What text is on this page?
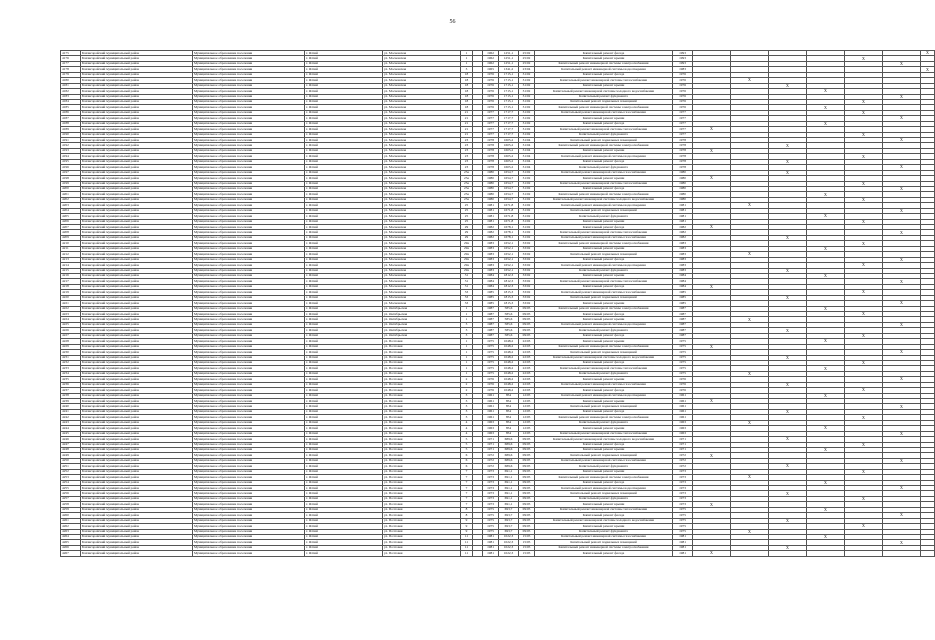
56
4175	Бахчисарайский муниципальный район	Муниципальное образование поселения	г. Ялтий	ул. Московская	1		1962	1251,1	25/02	Капитальный ремонт фасада	1993							X
4176	Бахчисарайский муниципальный район	Муниципальное образование поселения	г. Ялтий	ул. Московская	1		1962	1251,1	25/02	Капитальный ремонт крыши	1993					X		
4177	Бахчисарайский муниципальный район	Муниципальное образование поселения	г. Ялтий	ул. Московская	1		1962	1251,1	25/02	Капитальный ремонт инженерной системы электроснабжения	1993						X	
4178	Бахчисарайский муниципальный район	Муниципальное образование поселения	г. Ялтий	ул. Московская	3		1965	1341,2	23/04	Капитальный ремонт инженерной системы водоотведения	1983							X
4179	Бахчисарайский муниципальный район	Муниципальное образование поселения	г. Ялтий	ул. Московская	18		1976	1715,1	31/02	Капитальный ремонт фасада	1976							
4180	Бахчисарайский муниципальный район	Муниципальное образование поселения	г. Ялтий	ул. Московская	18		1976	1715,1	31/02	Капитальный ремонт инженерной системы теплоснабжения	1976		X					
4181	Бахчисарайский муниципальный район	Муниципальное образование поселения	г. Ялтий	ул. Московская	18		1976	1715,1	31/02	Капитальный ремонт крыши	1976			X				
4182	Бахчисарайский муниципальный район	Муниципальное образование поселения	г. Ялтий	ул. Московская	18		1976	1715,1	31/02	Капитальный ремонт инженерной системы холодного водоснабжения	1976				X			
4183	Бахчисарайский муниципальный район	Муниципальное образование поселения	г. Ялтий	ул. Московская	18		1976	1715,1	31/02	Капитальный ремонт фундамента	1976						X	
4184	Бахчисарайский муниципальный район	Муниципальное образование поселения	г. Ялтий	ул. Московская	18		1976	1715,1	31/02	Капитальный ремонт подвальных помещений	1976					X		
4185	Бахчисарайский муниципальный район	Муниципальное образование поселения	г. Ялтий	ул. Московская	18		1976	1715,1	31/02	Капитальный ремонт инженерной системы электроснабжения	1976				X			
4186	Бахчисарайский муниципальный район	Муниципальное образование поселения	г. Ялтий	ул. Московская	21		1977	1717,7	31/02	Капитальный ремонт инженерной системы газоснабжения	1977					X		
4187	Бахчисарайский муниципальный район	Муниципальное образование поселения	г. Ялтий	ул. Московская	21		1977	1717,7	31/02	Капитальный ремонт крыши	1977						X	
4188	Бахчисарайский муниципальный район	Муниципальное образование поселения	г. Ялтий	ул. Московская	21		1977	1717,7	31/02	Капитальный ремонт фасада	1977				X			
4189	Бахчисарайский муниципальный район	Муниципальное образование поселения	г. Ялтий	ул. Московская	21		1977	1717,7	31/02	Капитальный ремонт инженерной системы теплоснабжения	1977	X						
4190	Бахчисарайский муниципальный район	Муниципальное образование поселения	г. Ялтий	ул. Московская	21		1977	1717,7	31/02	Капитальный ремонт фундамента	1977					X		
4191	Бахчисарайский муниципальный район	Муниципальное образование поселения	г. Ялтий	ул. Московская	23		1978	1605,2	31/04	Капитальный ремонт подвальных помещений	1978						X	
4192	Бахчисарайский муниципальный район	Муниципальное образование поселения	г. Ялтий	ул. Московская	23		1978	1605,2	31/04	Капитальный ремонт инженерной системы электроснабжения	1978			X				
4193	Бахчисарайский муниципальный район	Муниципальное образование поселения	г. Ялтий	ул. Московская	23		1978	1605,2	31/04	Капитальный ремонт крыши	1978	X						
4194	Бахчисарайский муниципальный район	Муниципальное образование поселения	г. Ялтий	ул. Московская	23		1978	1605,2	31/04	Капитальный ремонт инженерной системы водоотведения	1978					X		
4195	Бахчисарайский муниципальный район	Муниципальное образование поселения	г. Ялтий	ул. Московская	23		1978	1605,2	31/04	Капитальный ремонт фасада	1978			X				
4196	Бахчисарайский муниципальный район	Муниципальное образование поселения	г. Ялтий	ул. Московская	23		1978	1605,2	31/04	Капитальный ремонт фундамента	1978						X	
4197	Бахчисарайский муниципальный район	Муниципальное образование поселения	г. Ялтий	ул. Московская	23а		1980	1654,7	31/02	Капитальный ремонт инженерной системы газоснабжения	1980			X				
4198	Бахчисарайский муниципальный район	Муниципальное образование поселения	г. Ялтий	ул. Московская	23а		1980	1654,7	31/02	Капитальный ремонт крыши	1980	X						
4199	Бахчисарайский муниципальный район	Муниципальное образование поселения	г. Ялтий	ул. Московская	23а		1980	1654,7	31/02	Капитальный ремонт инженерной системы теплоснабжения	1980					X		
4200	Бахчисарайский муниципальный район	Муниципальное образование поселения	г. Ялтий	ул. Московская	23а		1980	1654,7	31/02	Капитальный ремонт фасада	1980						X	
4201	Бахчисарайский муниципальный район	Муниципальное образование поселения	г. Ялтий	ул. Московская	23а		1980	1654,7	31/02	Капитальный ремонт инженерной системы электроснабжения	1980				X			
4202	Бахчисарайский муниципальный район	Муниципальное образование поселения	г. Ялтий	ул. Московская	23а		1980	1654,7	31/02	Капитальный ремонт инженерной системы холодного водоснабжения	1980					X		
4203	Бахчисарайский муниципальный район	Муниципальное образование поселения	г. Ялтий	ул. Московская	25		1981	1671,8	31/02	Капитальный ремонт инженерной системы водоотведения	1981		X					
4204	Бахчисарайский муниципальный район	Муниципальное образование поселения	г. Ялтий	ул. Московская	25		1981	1671,8	31/02	Капитальный ремонт подвальных помещений	1981						X	
4205	Бахчисарайский муниципальный район	Муниципальное образование поселения	г. Ялтий	ул. Московская	25		1981	1671,8	31/02	Капитальный ремонт фундамента	1981				X			
4206	Бахчисарайский муниципальный район	Муниципальное образование поселения	г. Ялтий	ул. Московская	25		1981	1671,8	31/02	Капитальный ремонт крыши	1981					X		
4207	Бахчисарайский муниципальный район	Муниципальное образование поселения	г. Ялтий	ул. Московская	29		1982	1678,1	31/02	Капитальный ремонт фасада	1982	X						
4208	Бахчисарайский муниципальный район	Муниципальное образование поселения	г. Ялтий	ул. Московская	29		1982	1678,1	31/02	Капитальный ремонт инженерной системы теплоснабжения	1982						X	
4209	Бахчисарайский муниципальный район	Муниципальное образование поселения	г. Ялтий	ул. Московская	29		1982	1678,1	31/02	Капитальный ремонт инженерной системы газоснабжения	1982			X				
4210	Бахчисарайский муниципальный район	Муниципальное образование поселения	г. Ялтий	ул. Московская	29а		1983	1652,1	33/02	Капитальный ремонт инженерной системы электроснабжения	1983					X		
4211	Бахчисарайский муниципальный район	Муниципальное образование поселения	г. Ялтий	ул. Московская	29а		1983	1652,1	33/02	Капитальный ремонт крыши	1983				X			
4212	Бахчисарайский муниципальный район	Муниципальное образование поселения	г. Ялтий	ул. Московская	29а		1983	1652,1	33/02	Капитальный ремонт подвальных помещений	1983		X					
4213	Бахчисарайский муниципальный район	Муниципальное образование поселения	г. Ялтий	ул. Московская	29а		1983	1652,1	33/02	Капитальный ремонт фасада	1983						X	
4214	Бахчисарайский муниципальный район	Муниципальное образование поселения	г. Ялтий	ул. Московская	29а		1983	1652,1	33/02	Капитальный ремонт инженерной системы водоотведения	1983					X		
4215	Бахчисарайский муниципальный район	Муниципальное образование поселения	г. Ялтий	ул. Московская	29а		1983	1652,1	33/02	Капитальный ремонт фундамента	1983			X				
4216	Бахчисарайский муниципальный район	Муниципальное образование поселения	г. Ялтий	ул. Московская	31		1984	1812,3	33/02	Капитальный ремонт крыши	1984				X			
4217	Бахчисарайский муниципальный район	Муниципальное образование поселения	г. Ялтий	ул. Московская	31		1984	1812,3	33/02	Капитальный ремонт инженерной системы теплоснабжения	1984						X	
4218	Бахчисарайский муниципальный район	Муниципальное образование поселения	г. Ялтий	ул. Московская	31		1984	1812,3	33/02	Капитальный ремонт фасада	1984	X						
4219	Бахчисарайский муниципальный район	Муниципальное образование поселения	г. Ялтий	ул. Московская	33		1985	1815,3	33/02	Капитальный ремонт инженерной системы газоснабжения	1985					X		
4220	Бахчисарайский муниципальный район	Муниципальное образование поселения	г. Ялтий	ул. Московская	33		1985	1815,3	33/02	Капитальный ремонт подвальных помещений	1985			X				
4221	Бахчисарайский муниципальный район	Муниципальное образование поселения	г. Ялтий	ул. Московская	33		1985	1815,3	33/02	Капитальный ремонт крыши	1985						X	
4222	Бахчисарайский муниципальный район	Муниципальное образование поселения	г. Ялтий	ул. Октябрьская	1		1987	585,6	09/05	Капитальный ремонт инженерной системы электроснабжения	1987				X			
4223	Бахчисарайский муниципальный район	Муниципальное образование поселения	г. Ялтий	ул. Октябрьская	1		1987	585,6	09/05	Капитальный ремонт фасада	1987					X		
4224	Бахчисарайский муниципальный район	Муниципальное образование поселения	г. Ялтий	ул. Октябрьская	1		1987	585,6	09/05	Капитальный ремонт крыши	1987		X					
4225	Бахчисарайский муниципальный район	Муниципальное образование поселения	г. Ялтий	ул. Октябрьская	3		1987	585,6	09/05	Капитальный ремонт инженерной системы водоотведения	1987						X	
4226	Бахчисарайский муниципальный район	Муниципальное образование поселения	г. Ялтий	ул. Октябрьская	3		1987	585,6	09/05	Капитальный ремонт фундамента	1987			X				
4227	Бахчисарайский муниципальный район	Муниципальное образование поселения	г. Ялтий	ул. Октябрьская	3		1987	585,6	09/05	Капитальный ремонт фасада	1987					X		
4228	Бахчисарайский муниципальный район	Муниципальное образование поселения	г. Ялтий	ул. Почтовая	1		1975	1048,2	22/03	Капитальный ремонт крыши	1975				X			
4229	Бахчисарайский муниципальный район	Муниципальное образование поселения	г. Ялтий	ул. Почтовая	1		1975	1048,2	22/03	Капитальный ремонт инженерной системы электроснабжения	1975	X						
4230	Бахчисарайский муниципальный район	Муниципальное образование поселения	г. Ялтий	ул. Почтовая	1		1975	1048,2	22/03	Капитальный ремонт подвальных помещений	1975						X	
4231	Бахчисарайский муниципальный район	Муниципальное образование поселения	г. Ялтий	ул. Почтовая	1		1975	1048,2	22/03	Капитальный ремонт инженерной системы холодного водоснабжения	1975			X				
4232	Бахчисарайский муниципальный район	Муниципальное образование поселения	г. Ялтий	ул. Почтовая	1		1975	1048,2	22/03	Капитальный ремонт фасада	1975					X		
4233	Бахчисарайский муниципальный район	Муниципальное образование поселения	г. Ялтий	ул. Почтовая	1		1975	1048,2	22/03	Капитальный ремонт инженерной системы теплоснабжения	1975				X			
4234	Бахчисарайский муниципальный район	Муниципальное образование поселения	г. Ялтий	ул. Почтовая	1		1975	1048,2	22/03	Капитальный ремонт фундамента	1975		X					
4235	Бахчисарайский муниципальный район	Муниципальное образование поселения	г. Ялтий	ул. Почтовая	2		1976	1048,2	22/03	Капитальный ремонт крыши	1976						X	
4236	Бахчисарайский муниципальный район	Муниципальное образование поселения	г. Ялтий	ул. Почтовая	2		1976	1048,2	22/03	Капитальный ремонт инженерной системы газоснабжения	1976			X				
4237	Бахчисарайский муниципальный район	Муниципальное образование поселения	г. Ялтий	ул. Почтовая	2		1976	1048,2	22/03	Капитальный ремонт фасада	1976					X		
4238	Бахчисарайский муниципальный район	Муниципальное образование поселения	г. Ялтий	ул. Почтовая	3		1961	854	12/05	Капитальный ремонт инженерной системы водоотведения	1961				X			
4239	Бахчисарайский муниципальный район	Муниципальное образование поселения	г. Ялтий	ул. Почтовая	3		1961	854	12/05	Капитальный ремонт крыши	1961	X						
4240	Бахчисарайский муниципальный район	Муниципальное образование поселения	г. Ялтий	ул. Почтовая	3		1961	854	12/05	Капитальный ремонт подвальных помещений	1961						X	
4241	Бахчисарайский муниципальный район	Муниципальное образование поселения	г. Ялтий	ул. Почтовая	3		1961	854	12/05	Капитальный ремонт фасада	1961			X				
4242	Бахчисарайский муниципальный район	Муниципальное образование поселения	г. Ялтий	ул. Почтовая	3		1961	854	12/05	Капитальный ремонт инженерной системы электроснабжения	1961					X		
4243	Бахчисарайский муниципальный район	Муниципальное образование поселения	г. Ялтий	ул. Почтовая	4		1963	854	12/05	Капитальный ремонт фундамента	1963		X					
4244	Бахчисарайский муниципальный район	Муниципальное образование поселения	г. Ялтий	ул. Почтовая	4		1963	854	12/05	Капитальный ремонт крыши	1963				X			
4245	Бахчисарайский муниципальный район	Муниципальное образование поселения	г. Ялтий	ул. Почтовая	4		1963	854	12/05	Капитальный ремонт инженерной системы теплоснабжения	1963						X	
4246	Бахчисарайский муниципальный район	Муниципальное образование поселения	г. Ялтий	ул. Почтовая	5		1971	689,6	09/05	Капитальный ремонт инженерной системы холодного водоснабжения	1971			X				
4247	Бахчисарайский муниципальный район	Муниципальное образование поселения	г. Ялтий	ул. Почтовая	5		1971	689,6	09/05	Капитальный ремонт фасада	1971					X		
4248	Бахчисарайский муниципальный район	Муниципальное образование поселения	г. Ялтий	ул. Почтовая	5		1971	689,6	09/05	Капитальный ремонт крыши	1971				X			
4249	Бахчисарайский муниципальный район	Муниципальное образование поселения	г. Ялтий	ул. Почтовая	6		1972	689,6	09/05	Капитальный ремонт подвальных помещений	1972	X						
4250	Бахчисарайский муниципальный район	Муниципальное образование поселения	г. Ялтий	ул. Почтовая	6		1972	689,6	09/05	Капитальный ремонт инженерной системы газоснабжения	1972						X	
4251	Бахчисарайский муниципальный район	Муниципальное образование поселения	г. Ялтий	ул. Почтовая	6		1972	689,6	09/05	Капитальный ремонт фундамента	1972			X				
4252	Бахчисарайский муниципальный район	Муниципальное образование поселения	г. Ялтий	ул. Почтовая	7		1973	691,1	09/05	Капитальный ремонт крыши	1973					X		
4253	Бахчисарайский муниципальный район	Муниципальное образование поселения	г. Ялтий	ул. Почтовая	7		1973	691,1	09/05	Капитальный ремонт инженерной системы электроснабжения	1973		X					
4254	Бахчисарайский муниципальный район	Муниципальное образование поселения	г. Ялтий	ул. Почтовая	7		1973	691,1	09/05	Капитальный ремонт фасада	1973				X			
4255	Бахчисарайский муниципальный район	Муниципальное образование поселения	г. Ялтий	ул. Почтовая	7		1973	691,1	09/05	Капитальный ремонт инженерной системы водоотведения	1973						X	
4256	Бахчисарайский муниципальный район	Муниципальное образование поселения	г. Ялтий	ул. Почтовая	7		1973	691,1	09/05	Капитальный ремонт подвальных помещений	1973			X				
4257	Бахчисарайский муниципальный район	Муниципальное образование поселения	г. Ялтий	ул. Почтовая	7		1973	691,1	09/05	Капитальный ремонт фундамента	1973					X		
4258	Бахчисарайский муниципальный район	Муниципальное образование поселения	г. Ялтий	ул. Почтовая	7		1973	691,1	09/05	Капитальный ремонт крыши	1973	X						
4259	Бахчисарайский муниципальный район	Муниципальное образование поселения	г. Ялтий	ул. Почтовая	8		1975	693,7	09/05	Капитальный ремонт инженерной системы теплоснабжения	1975				X			
4260	Бахчисарайский муниципальный район	Муниципальное образование поселения	г. Ялтий	ул. Почтовая	8		1975	693,7	09/05	Капитальный ремонт фасада	1975						X	
4261	Бахчисарайский муниципальный район	Муниципальное образование поселения	г. Ялтий	ул. Почтовая	9		1975	693,7	09/05	Капитальный ремонт инженерной системы холодного водоснабжения	1975			X				
4262	Бахчисарайский муниципальный район	Муниципальное образование поселения	г. Ялтий	ул. Почтовая	9		1975	693,7	09/05	Капитальный ремонт крыши	1975					X		
4263	Бахчисарайский муниципальный район	Муниципальное образование поселения	г. Ялтий	ул. Почтовая	9		1975	693,7	09/05	Капитальный ремонт фундамента	1975		X					
4264	Бахчисарайский муниципальный район	Муниципальное образование поселения	г. Ялтий	ул. Почтовая	11		1981	1022,3	15/05	Капитальный ремонт инженерной системы газоснабжения	1981				X			
4265	Бахчисарайский муниципальный район	Муниципальное образование поселения	г. Ялтий	ул. Почтовая	11		1981	1022,3	15/05	Капитальный ремонт подвальных помещений	1981						X	
4266	Бахчисарайский муниципальный район	Муниципальное образование поселения	г. Ялтий	ул. Почтовая	11		1981	1022,3	15/05	Капитальный ремонт инженерной системы электроснабжения	1981			X				
4267	Бахчисарайский муниципальный район	Муниципальное образование поселения	г. Ялтий	ул. Почтовая	11		1981	1022,3	15/05	Капитальный ремонт фасада	1981	X						
